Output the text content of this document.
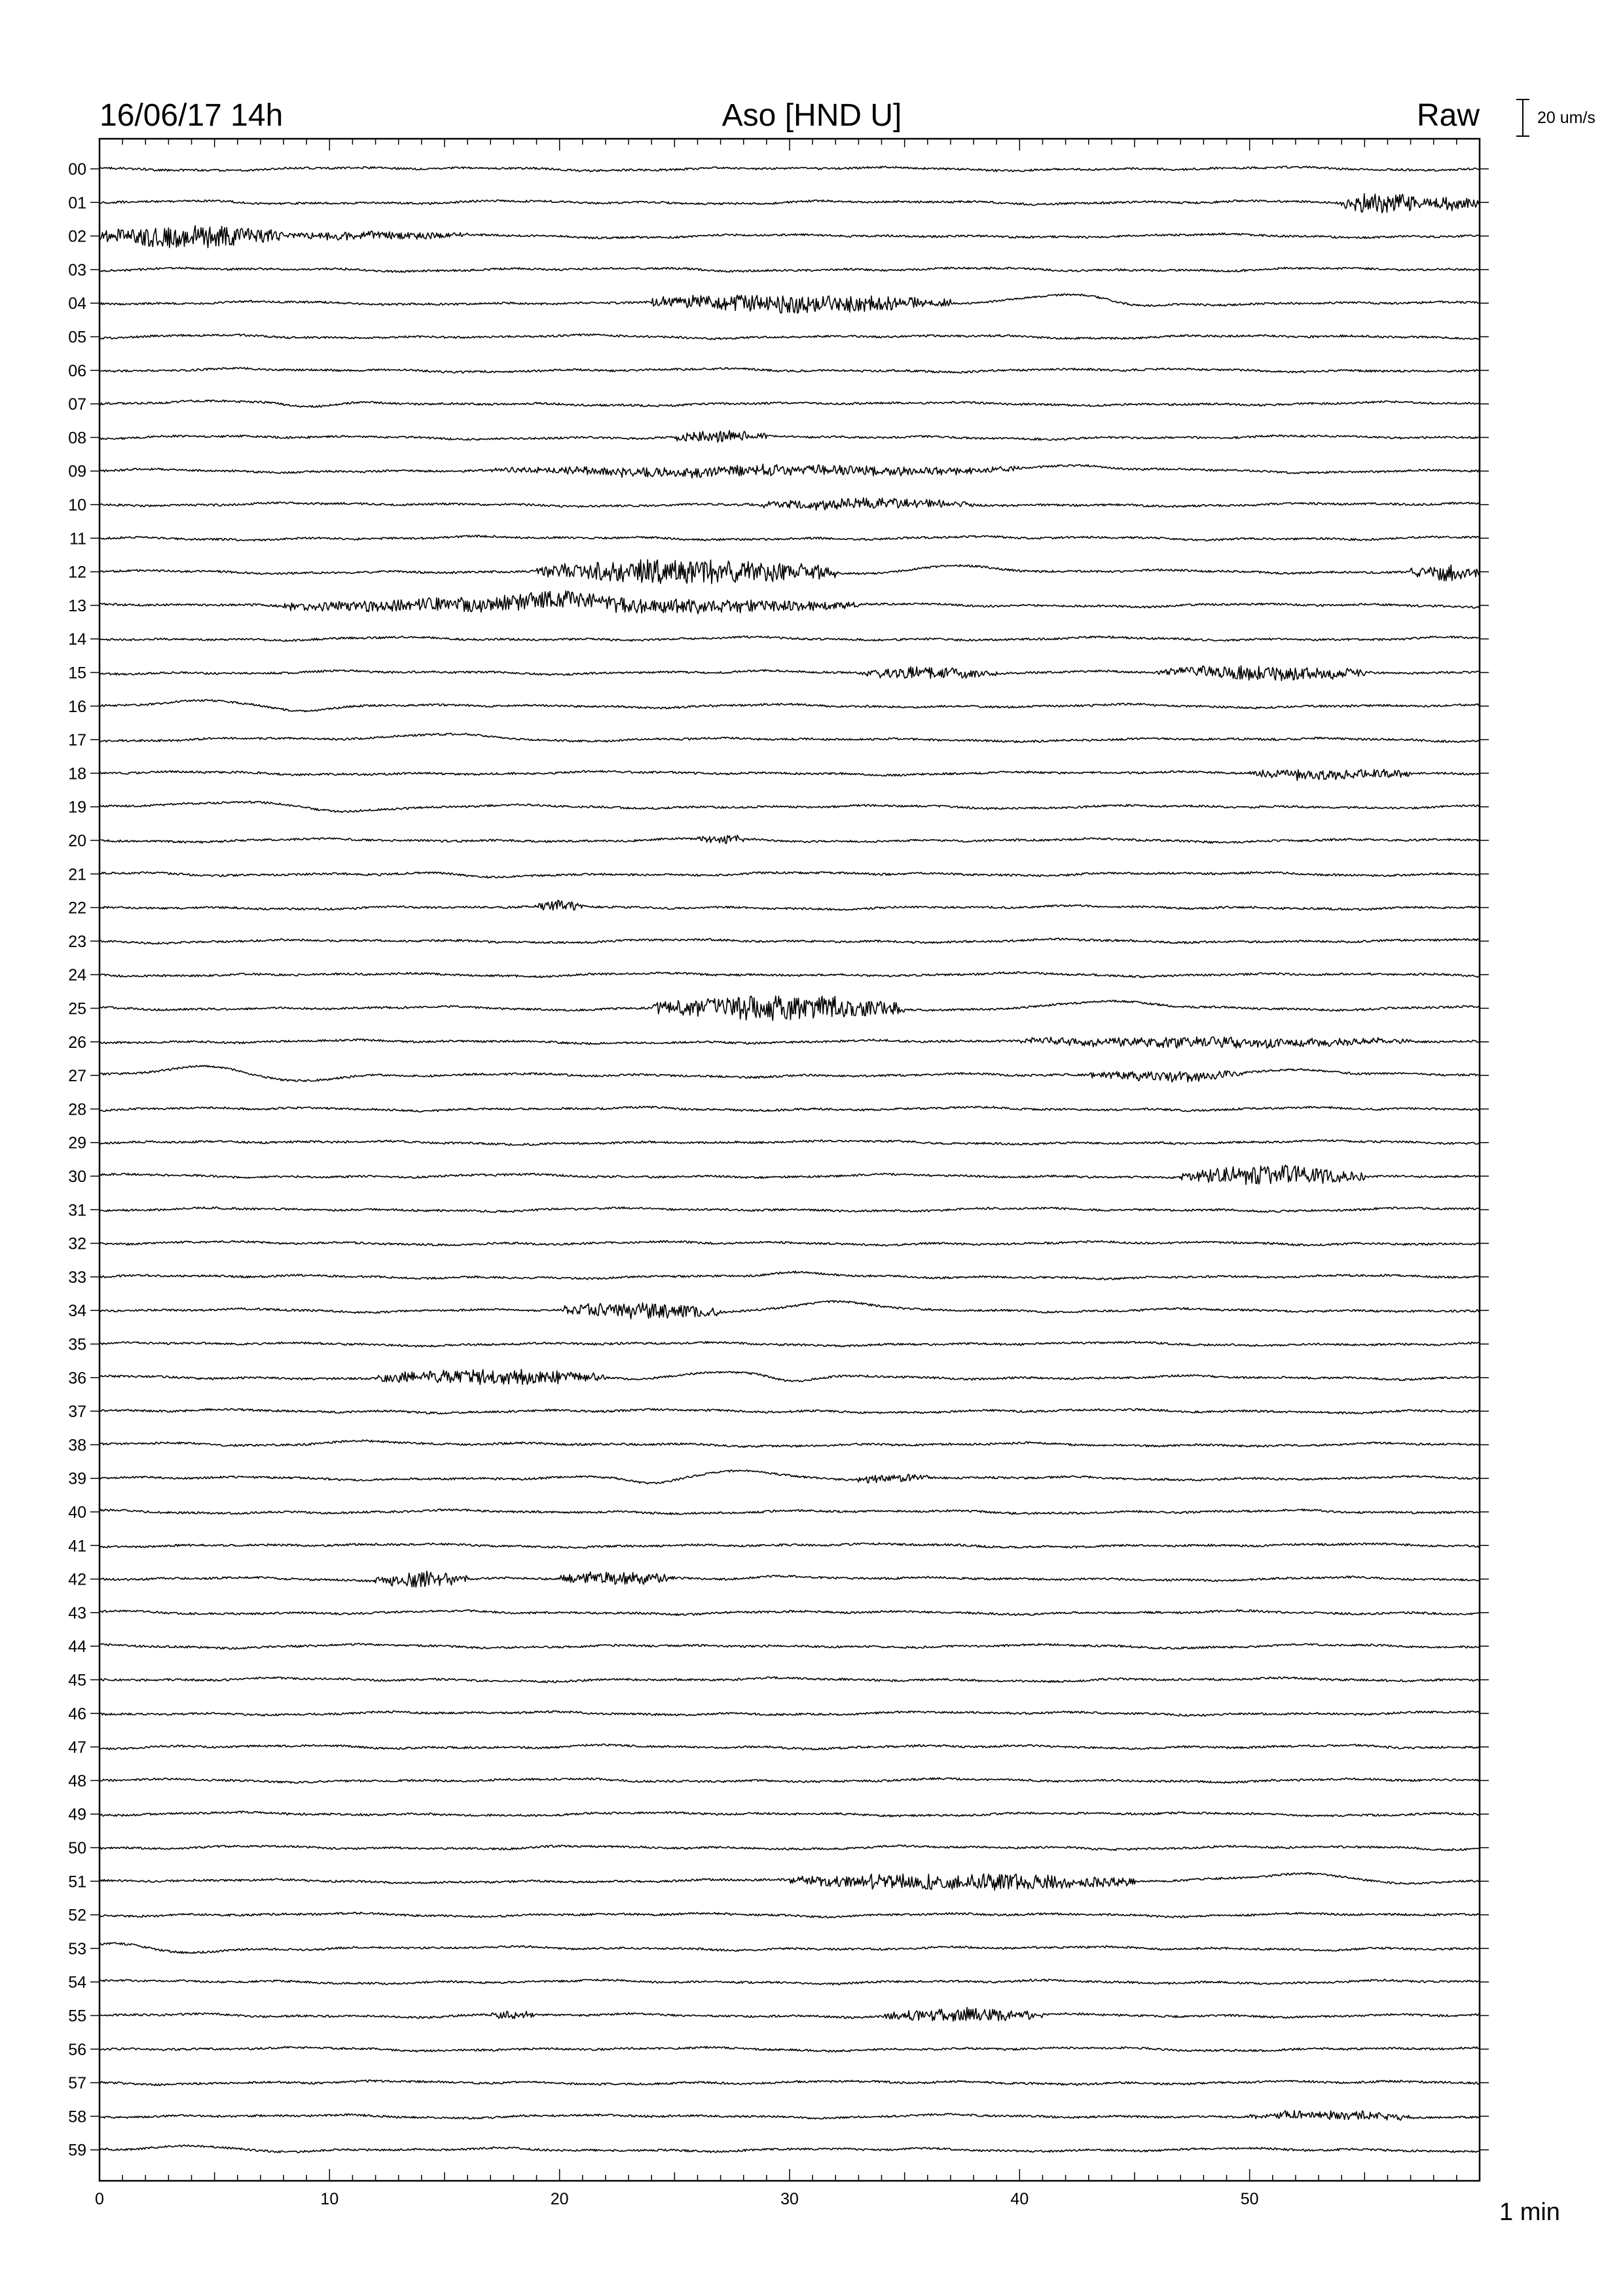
16/06/17 14h	Aso [HND U]	Raw	20 um/s
00
01
02
03
04
05
06
07
08
09
10
11
12
13
14
15
16
17
18
19
20
21
22
23
24
25
26
27
28
29
30
31
32
33
34
35
36
37
38
39
40
41
42
43
44
45
46
47
48
49
50
51
52
53
54
55
56
57
58
59
0	10	20	30	40	50	1 min
